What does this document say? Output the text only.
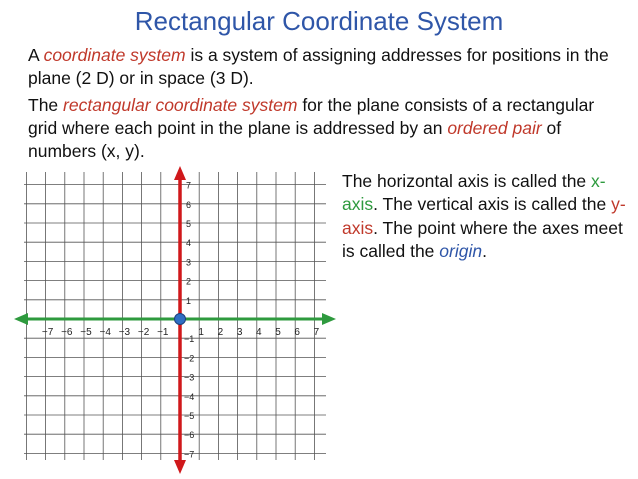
Rectangular Coordinate System
A coordinate system is a system of assigning addresses for positions in the plane (2 D) or in space (3 D).
The rectangular coordinate system for the plane consists of a rectangular grid where each point in the plane is addressed by an ordered pair of numbers (x, y).
−7 −6 −5 −4 −3 −2 −1	1 2 3 4 5 6 7
1
2
3
4
5
6
7
−1
−2
−3
−4
−5
−6
−7
The horizontal axis is called the x-axis. The vertical axis is called the y-axis. The point where the axes meet is called the origin.
